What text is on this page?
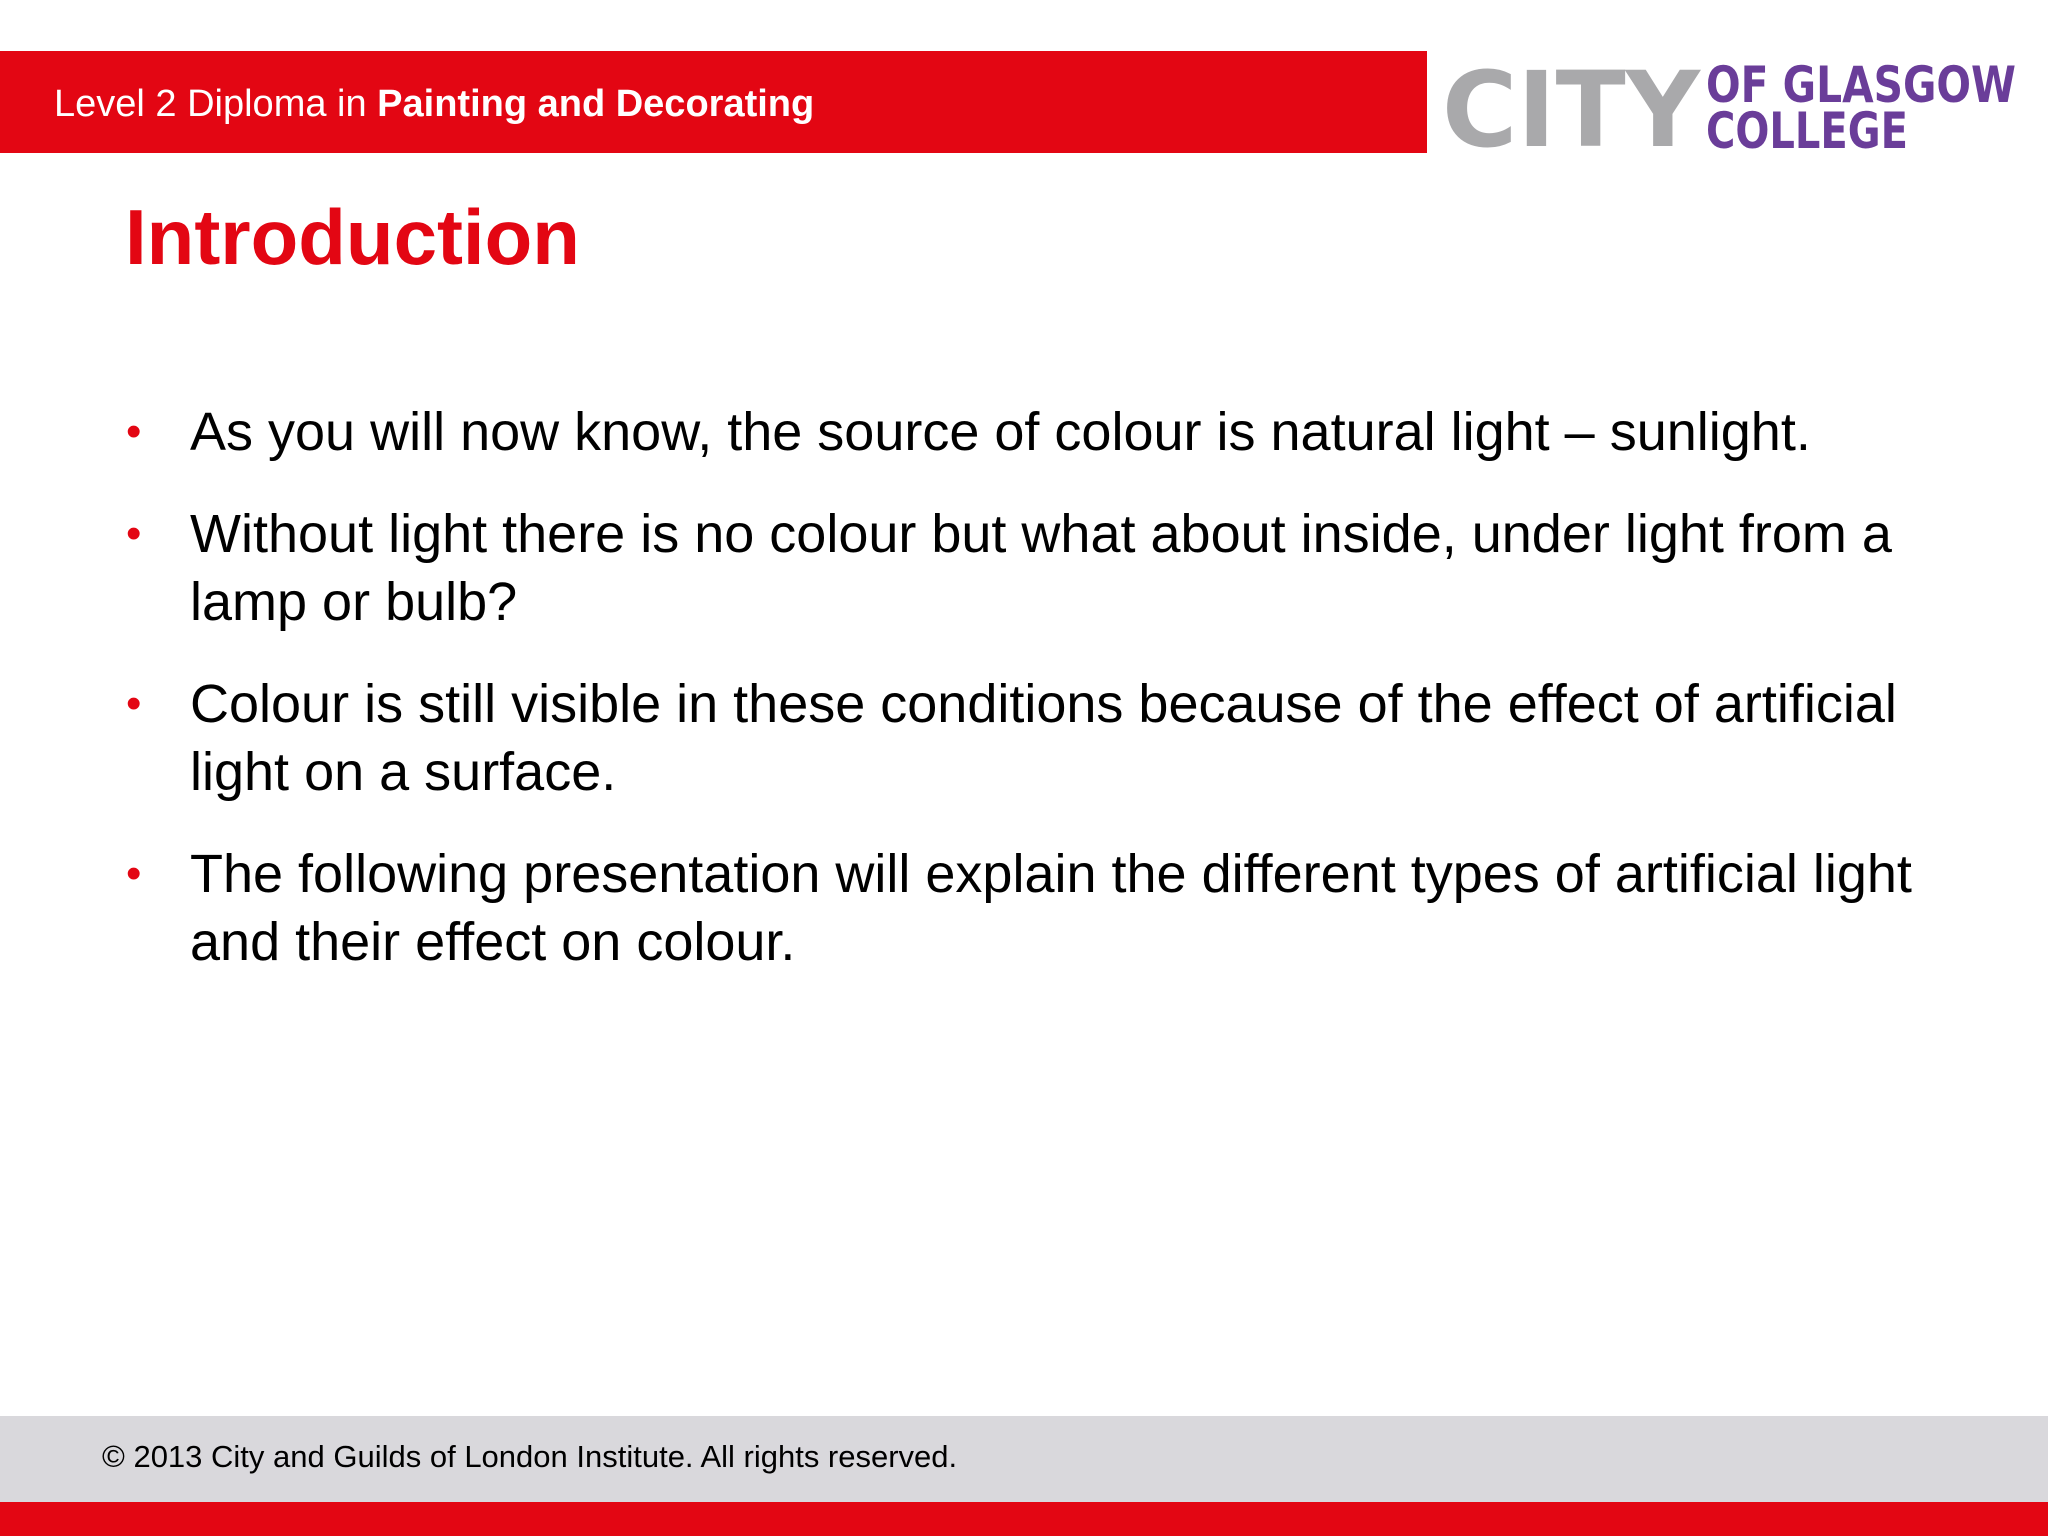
Level 2 Diploma in Painting and Decorating	CITY OF GLASGOW
COLLEGE
Introduction
• As you will now know, the source of colour is natural light – sunlight.
• Without light there is no colour but what about inside, under light from a lamp or bulb?
• Colour is still visible in these conditions because of the effect of artificial light on a surface.
• The following presentation will explain the different types of artificial light and their effect on colour.
© 2013 City and Guilds of London Institute. All rights reserved.
